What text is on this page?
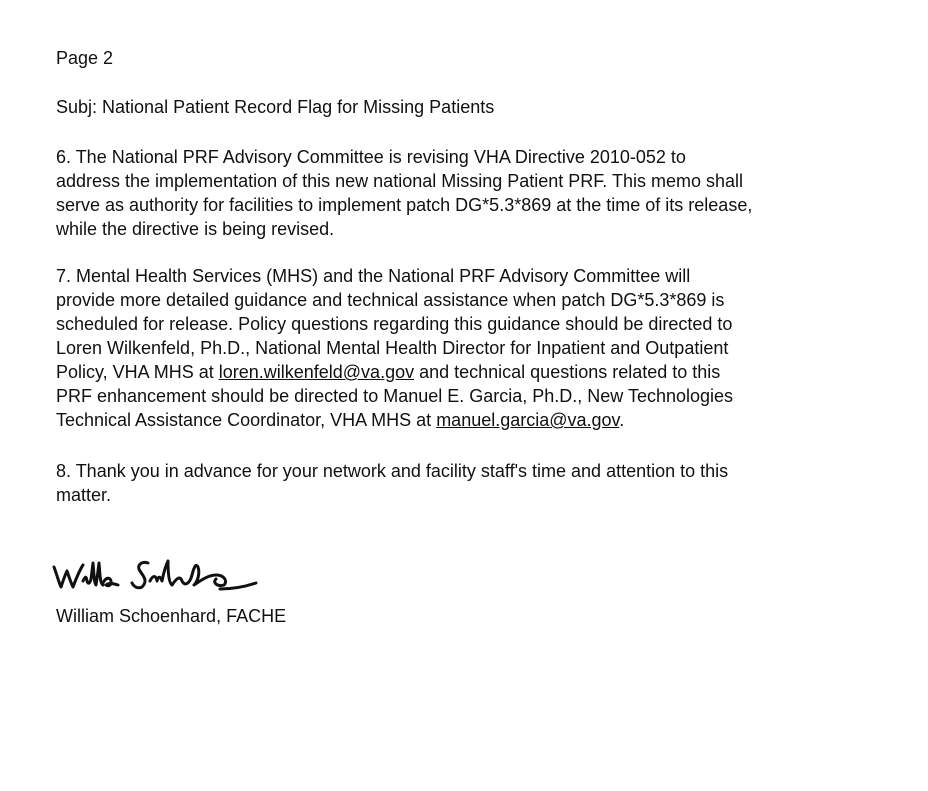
Page 2
Subj: National Patient Record Flag for Missing Patients
6. The National PRF Advisory Committee is revising VHA Directive 2010-052 to
address the implementation of this new national Missing Patient PRF. This memo shall
serve as authority for facilities to implement patch DG*5.3*869 at the time of its release,
while the directive is being revised.
7. Mental Health Services (MHS) and the National PRF Advisory Committee will
provide more detailed guidance and technical assistance when patch DG*5.3*869 is
scheduled for release. Policy questions regarding this guidance should be directed to
Loren Wilkenfeld, Ph.D., National Mental Health Director for Inpatient and Outpatient
Policy, VHA MHS at loren.wilkenfeld@va.gov and technical questions related to this
PRF enhancement should be directed to Manuel E. Garcia, Ph.D., New Technologies
Technical Assistance Coordinator, VHA MHS at manuel.garcia@va.gov.
8. Thank you in advance for your network and facility staff's time and attention to this
matter.
William Schoenhard, FACHE
